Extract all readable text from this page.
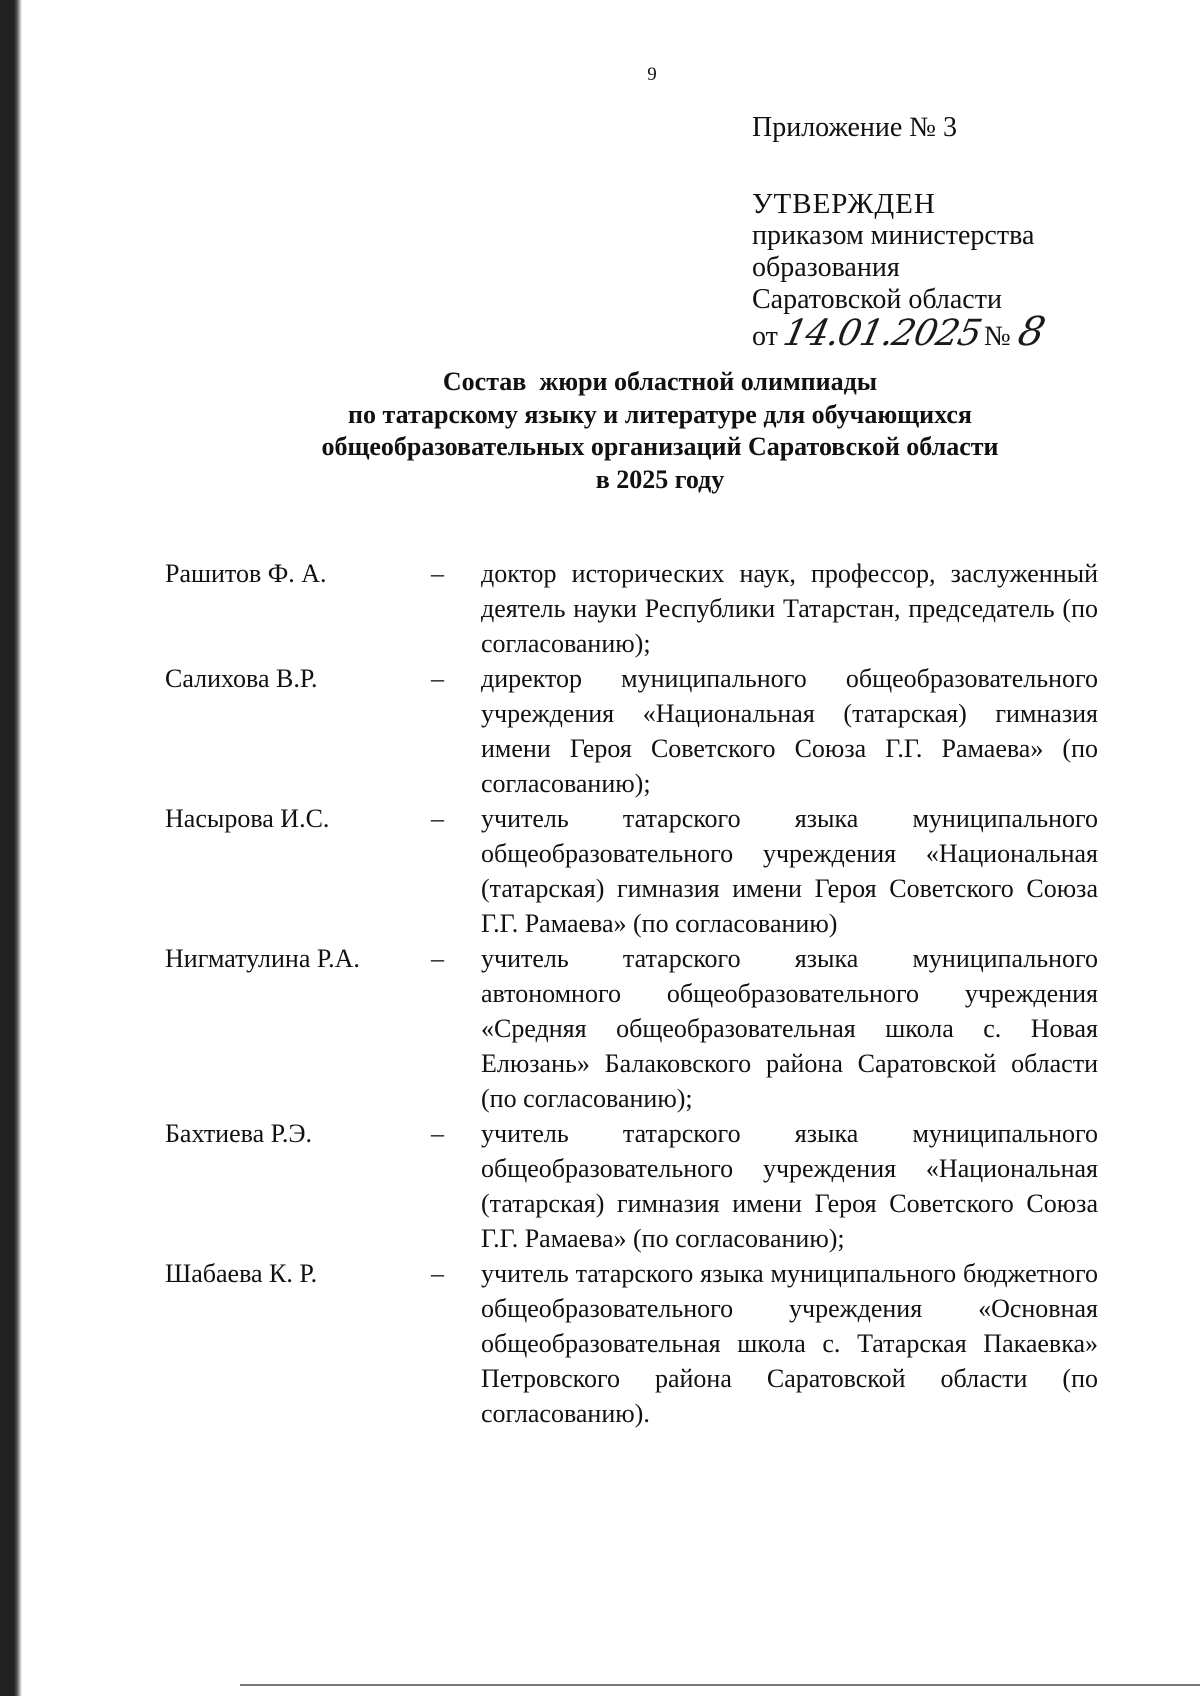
9
Приложение № 3
УТВЕРЖДЕН
приказом министерства
образования
Саратовской области
от14.01.2025№8
Состав  жюри областной олимпиады
по татарскому языку и литературе для обучающихся
общеобразовательных организаций Саратовской области
в 2025 году
Рашитов Ф. А.	– доктор исторических наук, профессор, заслуженный деятель науки Республики Татарстан, председатель (по согласованию);
Салихова В.Р.	– директор муниципального общеобразовательного учреждения «Национальная (татарская) гимназия имени Героя Советского Союза Г.Г. Рамаева» (по согласованию);
Насырова И.С.	– учитель татарского языка муниципального общеобразовательного учреждения «Национальная (татарская) гимназия имени Героя Советского Союза Г.Г. Рамаева» (по согласованию)
Нигматулина Р.А.	– учитель татарского языка муниципального автономного общеобразовательного учреждения «Средняя общеобразовательная школа с. Новая Елюзань» Балаковского района Саратовской области (по согласованию);
Бахтиева Р.Э.	– учитель татарского языка муниципального общеобразовательного учреждения «Национальная (татарская) гимназия имени Героя Советского Союза Г.Г. Рамаева» (по согласованию);
Шабаева К. Р.	– учитель татарского языка муниципального бюджетного общеобразовательного учреждения «Основная общеобразовательная школа с. Татарская Пакаевка» Петровского района Саратовской области (по согласованию).
